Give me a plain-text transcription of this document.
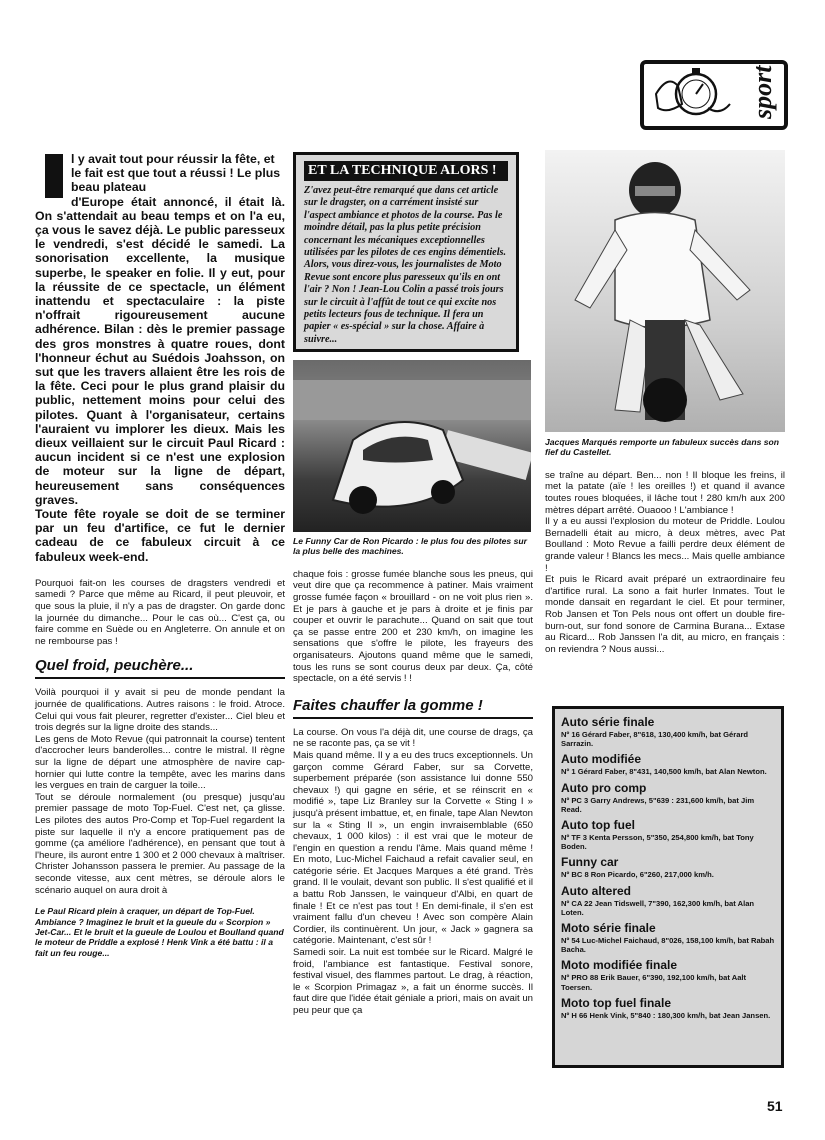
sport

l y avait tout pour réussir la fête, et le fait est que tout a réussi ! Le plus beau plateau

d'Europe était annoncé, il était là. On s'attendait au beau temps et on l'a eu, ça vous le savez déjà. Le public paresseux le vendredi, s'est décidé le samedi. La sonorisation excellente, la musique superbe, le speaker en folie. Il y eut, pour la réussite de ce spectacle, un élément inattendu et spectaculaire : la piste n'offrait rigoureusement aucune adhérence. Bilan : dès le premier passage des gros monstres à quatre roues, dont l'honneur échut au Suédois Joahsson, on sut que les travers allaient être les rois de la fête. Ceci pour le plus grand plaisir du public, nettement moins pour celui des pilotes. Quant à l'organisateur, certains l'auraient vu implorer les dieux. Mais les dieux veillaient sur le circuit Paul Ricard : aucun incident si ce n'est une explosion de moteur sur la ligne de départ, heureusement sans conséquences graves.

Toute fête royale se doit de se terminer par un feu d'artifice, ce fut le dernier cadeau de ce fabuleux circuit à ce fabuleux week-end.

Pourquoi fait-on les courses de dragsters vendredi et samedi ? Parce que même au Ricard, il peut pleuvoir, et que sous la pluie, il n'y a pas de dragster. On garde donc la journée du dimanche... Pour le cas où... C'est ça, ou faire comme en Suède ou en Angleterre. On annule et on ne rembourse pas !

Quel froid, peuchère...

Voilà pourquoi il y avait si peu de monde pendant la journée de qualifications. Autres raisons : le froid. Atroce. Celui qui vous fait pleurer, regretter d'exister... Ciel bleu et trois degrés sur la ligne droite des stands...

Les gens de Moto Revue (qui patronnait la course) tentent d'accrocher leurs banderolles... contre le mistral. Il règne sur la ligne de départ une atmosphère de navire cap-hornier qui lutte contre la tempête, avec les marins dans les vergues en train de carguer la toile...

Tout se déroule normalement (ou presque) jusqu'au premier passage de moto Top-Fuel. C'est net, ça glisse. Les pilotes des autos Pro-Comp et Top-Fuel regardent la piste sur laquelle il n'y a encore pratiquement pas de gomme (ça améliore l'adhérence), en pensant que tout à l'heure, ils auront entre 1 300 et 2 000 chevaux à maîtriser. Christer Johansson passera le premier. Au passage de la seconde vitesse, aux cent mètres, se déroule alors le scénario auquel on aura droit à

Le Paul Ricard plein à craquer, un départ de Top-Fuel. Ambiance ? Imaginez le bruit et la gueule du « Scorpion » Jet-Car... Et le bruit et la gueule de Loulou et Boulland quand le moteur de Priddle a explosé ! Henk Vink a été battu : il a fait un feu rouge...

ET LA TECHNIQUE ALORS !

Z'avez peut-être remarqué que dans cet article sur le dragster, on a carrément insisté sur l'aspect ambiance et photos de la course. Pas le moindre détail, pas la plus petite précision concernant les mécaniques exceptionnelles utilisées par les pilotes de ces engins démentiels. Alors, vous direz-vous, les journalistes de Moto Revue sont encore plus paresseux qu'ils en ont l'air ? Non ! Jean-Lou Colin a passé trois jours sur le circuit à l'affût de tout ce qui excite nos petits lecteurs fous de technique. Il fera un papier « es-spécial » sur la chose. Affaire à suivre...

Le Funny Car de Ron Picardo : le plus fou des pilotes sur la plus belle des machines.

chaque fois : grosse fumée blanche sous les pneus, qui veut dire que ça recommence à patiner. Mais vraiment grosse fumée façon « brouillard - on ne voit plus rien ». Et je pars à gauche et je pars à droite et je finis par couper et ouvrir le parachute... Quand on sait que tout ça se passe entre 200 et 230 km/h, on imagine les sensations que s'offre le pilote, les frayeurs des organisateurs. Ajoutons quand même que le samedi, tous les runs se sont courus deux par deux. Ça, côté spectacle, on a été servis ! !

Faites chauffer la gomme !

La course. On vous l'a déjà dit, une course de drags, ça ne se raconte pas, ça se vit !

Mais quand même. Il y a eu des trucs exceptionnels. Un garçon comme Gérard Faber, sur sa Corvette, superbement préparée (son assistance lui donne 550 chevaux !) qui gagne en série, et se réinscrit en « modifié », tape Liz Branley sur la Corvette « Sting I » jusqu'à présent imbattue, et, en finale, tape Alan Newton sur la « Sting II », un engin invraisemblable (650 chevaux, 1 000 kilos) : il est vrai que le moteur de l'engin en question a rendu l'âme. Mais quand même ! En moto, Luc-Michel Faichaud a refait cavalier seul, en catégorie série. Et Jacques Marques a été grand. Très grand. Il le voulait, devant son public. Il s'est qualifié et il a battu Rob Janssen, le vainqueur d'Albi, en quart de finale ! Et ce n'est pas tout ! En demi-finale, il s'en est vraiment fallu d'un cheveu ! Avec son compère Alain Cordier, ils continuèrent. Un jour, « Jack » gagnera sa catégorie. Maintenant, c'est sûr !

Samedi soir. La nuit est tombée sur le Ricard. Malgré le froid, l'ambiance est fantastique. Festival sonore, festival visuel, des flammes partout. Le drag, à réaction, le « Scorpion Primagaz », a fait un énorme succès. Il faut dire que l'idée était géniale a priori, mais on avait un peu peur que ça

Jacques Marqués remporte un fabuleux succès dans son fief du Castellet.

se traîne au départ. Ben... non ! Il bloque les freins, il met la patate (aïe ! les oreilles !) et quand il avance toutes roues bloquées, il lâche tout ! 280 km/h aux 200 mètres départ arrêté. Ouaooo ! L'ambiance !

Il y a eu aussi l'explosion du moteur de Priddle. Loulou Bernadelli était au micro, à deux mètres, avec Pat Boulland : Moto Revue a failli perdre deux élément de grande valeur ! Blancs les mecs... Mais quelle ambiance !

Et puis le Ricard avait préparé un extraordinaire feu d'artifice rural. La sono a fait hurler Inmates. Tout le monde dansait en regardant le ciel. Et pour terminer, Rob Jansen et Ton Pels nous ont offert un double fire-burn-out, sur fond sonore de Carmina Burana... Extase au Ricard... Rob Janssen l'a dit, au micro, en français : on reviendra ? Nous aussi...

Auto série finale

Nº 16 Gérard Faber, 8"618, 130,400 km/h, bat Gérard Sarrazin.

Auto modifiée

Nº 1 Gérard Faber, 8"431, 140,500 km/h, bat Alan Newton.

Auto pro comp

Nº PC 3 Garry Andrews, 5"639 : 231,600 km/h, bat Jim Read.

Auto top fuel

Nº TF 3 Kenta Persson, 5"350, 254,800 km/h, bat Tony Boden.

Funny car

Nº BC 8 Ron Picardo, 6"260, 217,000 km/h.

Auto altered

Nº CA 22 Jean Tidswell, 7"390, 162,300 km/h, bat Alan Loten.

Moto série finale

Nº 54 Luc-Michel Faichaud, 8"026, 158,100 km/h, bat Rabah Bacha.

Moto modifiée finale

Nº PRO 88 Erik Bauer, 6"390, 192,100 km/h, bat Aalt Toersen.

Moto top fuel finale

Nº H 66 Henk Vink, 5"840 : 180,300 km/h, bat Jean Jansen.

51
